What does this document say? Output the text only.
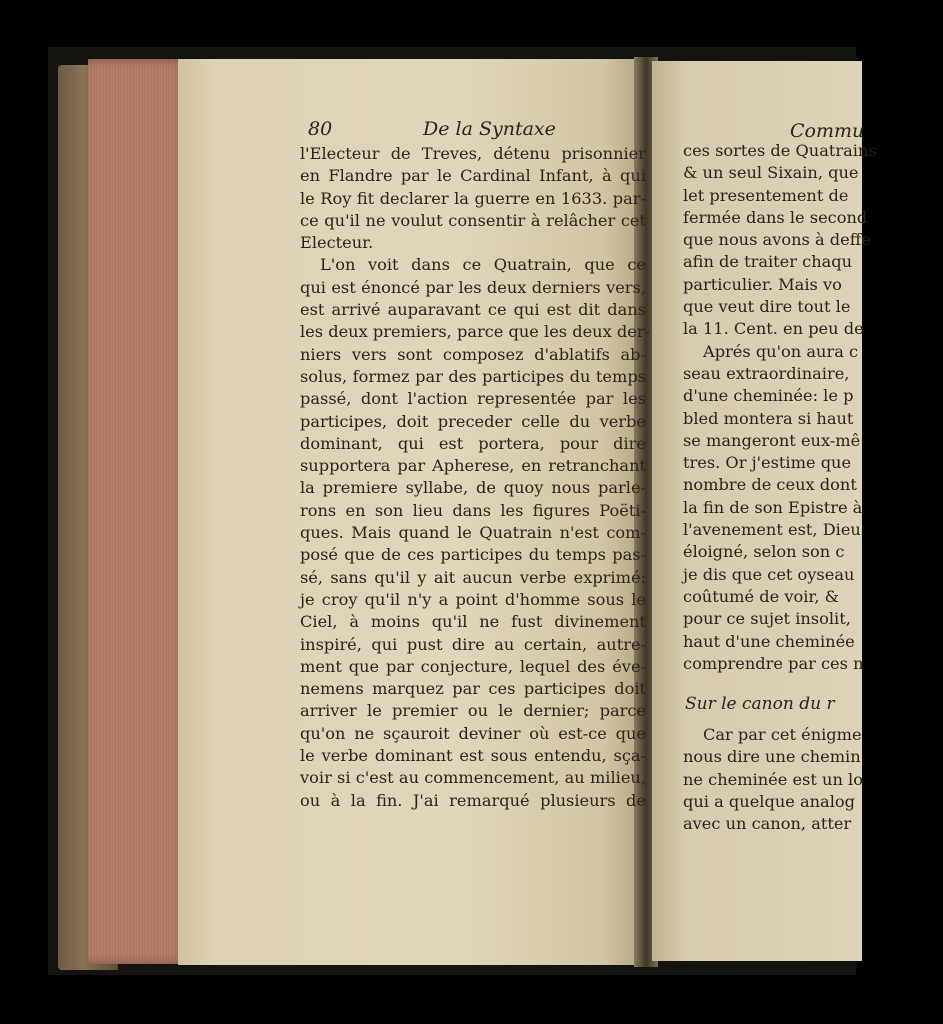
80	De la Syntaxe
l'Electeur de Treves, détenu prisonnier
en Flandre par le Cardinal Infant, à qui
le Roy fit declarer la guerre en 1633. par-
ce qu'il ne voulut consentir à relâcher cet
Electeur.
L'on voit dans ce Quatrain, que ce
qui est énoncé par les deux derniers vers,
est arrivé auparavant ce qui est dit dans
les deux premiers, parce que les deux der-
niers vers sont composez d'ablatifs ab-
solus, formez par des participes du temps
passé, dont l'action representée par les
participes, doit preceder celle du verbe
dominant, qui est portera, pour dire
supportera par Apherese, en retranchant
la premiere syllabe, de quoy nous parle-
rons en son lieu dans les figures Poëti-
ques. Mais quand le Quatrain n'est com-
posé que de ces participes du temps pas-
sé, sans qu'il y ait aucun verbe exprimé:
je croy qu'il n'y a point d'homme sous le
Ciel, à moins qu'il ne fust divinement
inspiré, qui pust dire au certain, autre-
ment que par conjecture, lequel des éve-
nemens marquez par ces participes doit
arriver le premier ou le dernier; parce
qu'on ne sçauroit deviner où est-ce que
le verbe dominant est sous entendu, sça-
voir si c'est au commencement, au milieu,
ou à la fin. J'ai remarqué plusieurs de
Commu
ces sortes de Quatrains
& un seul Sixain, que
let presentement de
fermée dans le second
que nous avons à deffe
afin de traiter chaqu
particulier. Mais vo
que veut dire tout le
la 11. Cent. en peu de
Aprés qu'on aura c
seau extraordinaire,
d'une cheminée: le p
bled montera si haut
se mangeront eux-mê
tres. Or j'estime que
nombre de ceux dont
la fin de son Epistre à
l'avenement est, Dieu
éloigné, selon son c
je dis que cet oyseau
coûtumé de voir, &
pour ce sujet insolit,
haut d'une cheminée
comprendre par ces n
Sur le canon du r
Car par cet énigme
nous dire une chemin
ne cheminée est un lo
qui a quelque analog
avec un canon, atter
